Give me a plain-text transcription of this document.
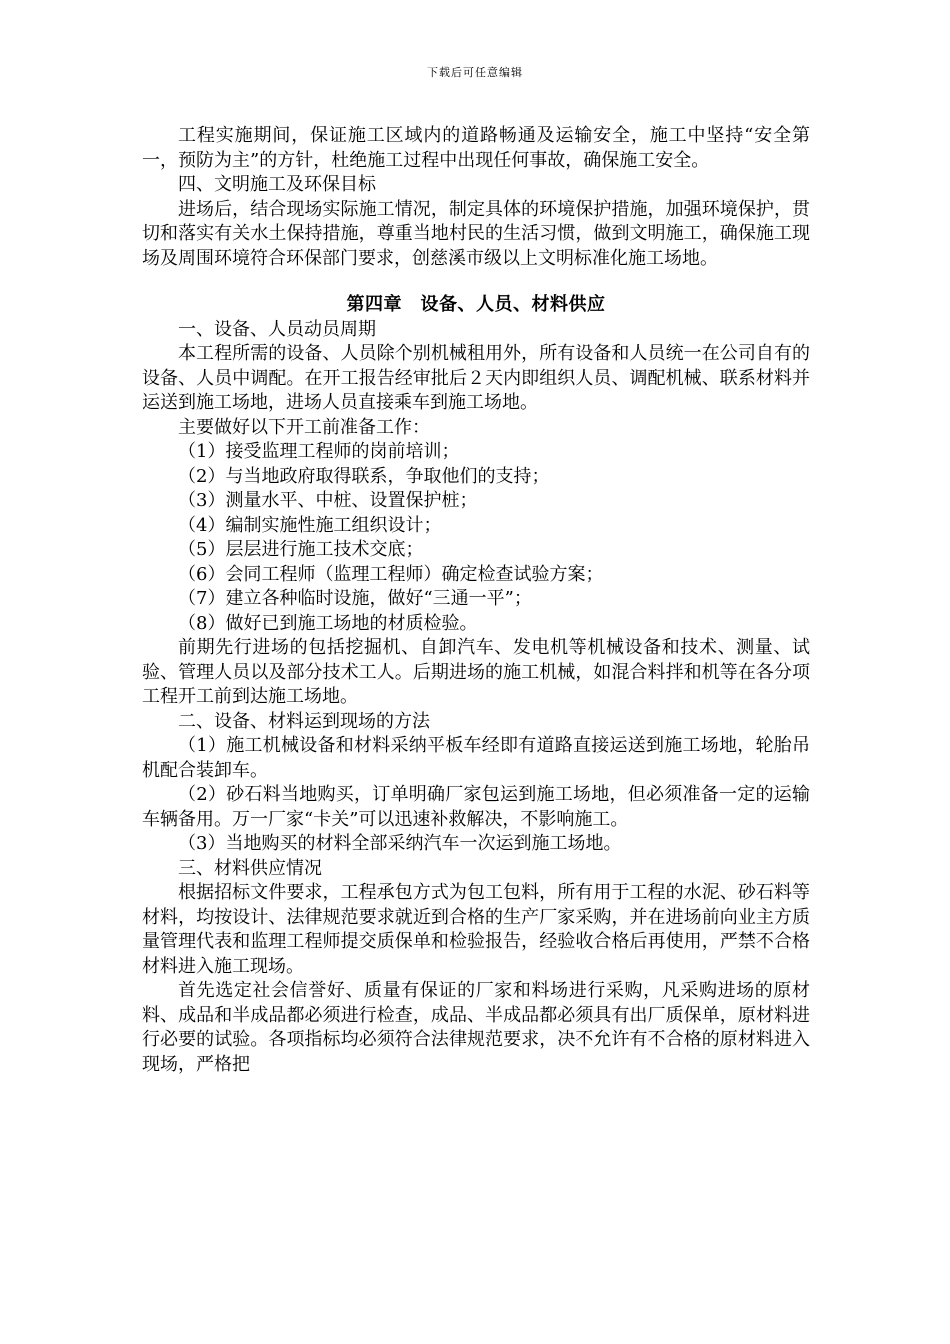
下载后可任意编辑

工程实施期间，保证施工区域内的道路畅通及运输安全，施工中坚持“安全第一，预防为主”的方针，杜绝施工过程中出现任何事故，确保施工安全。

四、文明施工及环保目标

进场后，结合现场实际施工情况，制定具体的环境保护措施，加强环境保护，贯切和落实有关水土保持措施，尊重当地村民的生活习惯，做到文明施工，确保施工现场及周围环境符合环保部门要求，创慈溪市级以上文明标准化施工场地。

第四章　设备、人员、材料供应

一、设备、人员动员周期

本工程所需的设备、人员除个别机械租用外，所有设备和人员统一在公司自有的设备、人员中调配。在开工报告经审批后２天内即组织人员、调配机械、联系材料并运送到施工场地，进场人员直接乘车到施工场地。

主要做好以下开工前准备工作：

（1）接受监理工程师的岗前培训；

（2）与当地政府取得联系，争取他们的支持；

（3）测量水平、中桩、设置保护桩；

（4）编制实施性施工组织设计；

（5）层层进行施工技术交底；

（6）会同工程师（监理工程师）确定检查试验方案；

（7）建立各种临时设施，做好“三通一平”；

（8）做好已到施工场地的材质检验。

前期先行进场的包括挖掘机、自卸汽车、发电机等机械设备和技术、测量、试验、管理人员以及部分技术工人。后期进场的施工机械，如混合料拌和机等在各分项工程开工前到达施工场地。

二、设备、材料运到现场的方法

（1）施工机械设备和材料采纳平板车经即有道路直接运送到施工场地，轮胎吊机配合装卸车。

（2）砂石料当地购买，订单明确厂家包运到施工场地，但必须准备一定的运输车辆备用。万一厂家“卡关”可以迅速补救解决，不影响施工。

（3）当地购买的材料全部采纳汽车一次运到施工场地。

三、材料供应情况

根据招标文件要求，工程承包方式为包工包料，所有用于工程的水泥、砂石料等材料，均按设计、法律规范要求就近到合格的生产厂家采购，并在进场前向业主方质量管理代表和监理工程师提交质保单和检验报告，经验收合格后再使用，严禁不合格材料进入施工现场。

首先选定社会信誉好、质量有保证的厂家和料场进行采购，凡采购进场的原材料、成品和半成品都必须进行检查，成品、半成品都必须具有出厂质保单，原材料进行必要的试验。各项指标均必须符合法律规范要求，决不允许有不合格的原材料进入现场，严格把
